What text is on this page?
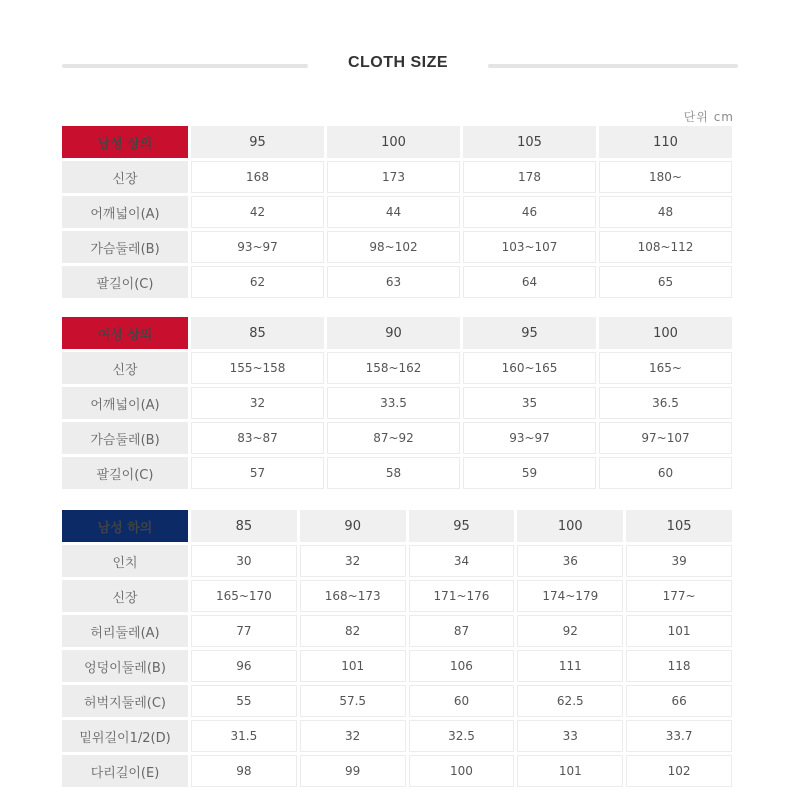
CLOTH SIZE
단위 cm
남성 상의	95	100	105	110
신장	168	173	178	180~
어깨넓이(A)	42	44	46	48
가슴둘레(B)	93~97	98~102	103~107	108~112
팔길이(C)	62	63	64	65
여성 상의	85	90	95	100
신장	155~158	158~162	160~165	165~
어깨넓이(A)	32	33.5	35	36.5
가슴둘레(B)	83~87	87~92	93~97	97~107
팔길이(C)	57	58	59	60
남성 하의	85	90	95	100	105
인치	30	32	34	36	39
신장	165~170	168~173	171~176	174~179	177~
허리둘레(A)	77	82	87	92	101
엉덩이둘레(B)	96	101	106	111	118
허벅지둘레(C)	55	57.5	60	62.5	66
밑위길이1/2(D)	31.5	32	32.5	33	33.7
다리길이(E)	98	99	100	101	102
